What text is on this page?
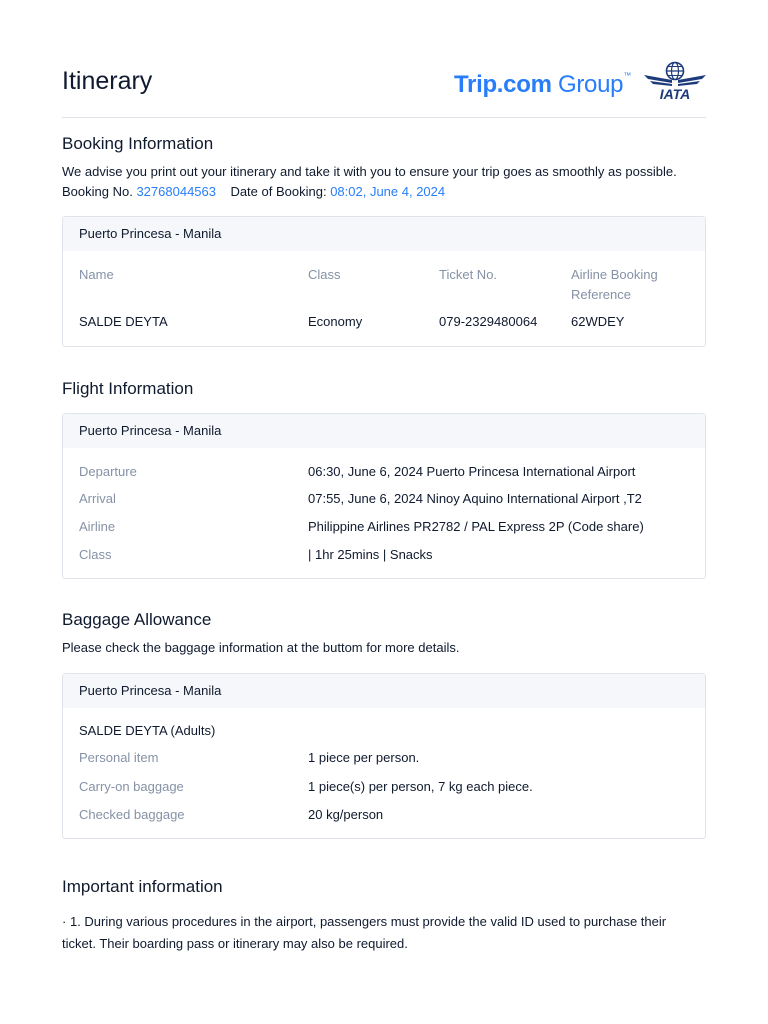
Itinerary	Trip.com Group™
IATA
Booking Information
We advise you print out your itinerary and take it with you to ensure your trip goes as smoothly as possible.
Booking No. 32768044563 Date of Booking: 08:02, June 4, 2024
Puerto Princesa - Manila
Name	Class	Ticket No.	Airline Booking Reference
SALDE DEYTA	Economy	079-2329480064	62WDEY
Flight Information
Puerto Princesa - Manila
Departure	06:30, June 6, 2024 Puerto Princesa International Airport
Arrival	07:55, June 6, 2024 Ninoy Aquino International Airport ,T2
Airline	Philippine Airlines PR2782 / PAL Express 2P (Code share)
Class	| 1hr 25mins | Snacks
Baggage Allowance
Please check the baggage information at the buttom for more details.
Puerto Princesa - Manila
SALDE DEYTA (Adults)
Personal item	1 piece per person.
Carry-on baggage	1 piece(s) per person, 7 kg each piece.
Checked baggage	20 kg/person
Important information
· 1. During various procedures in the airport, passengers must provide the valid ID used to purchase their
ticket. Their boarding pass or itinerary may also be required.
